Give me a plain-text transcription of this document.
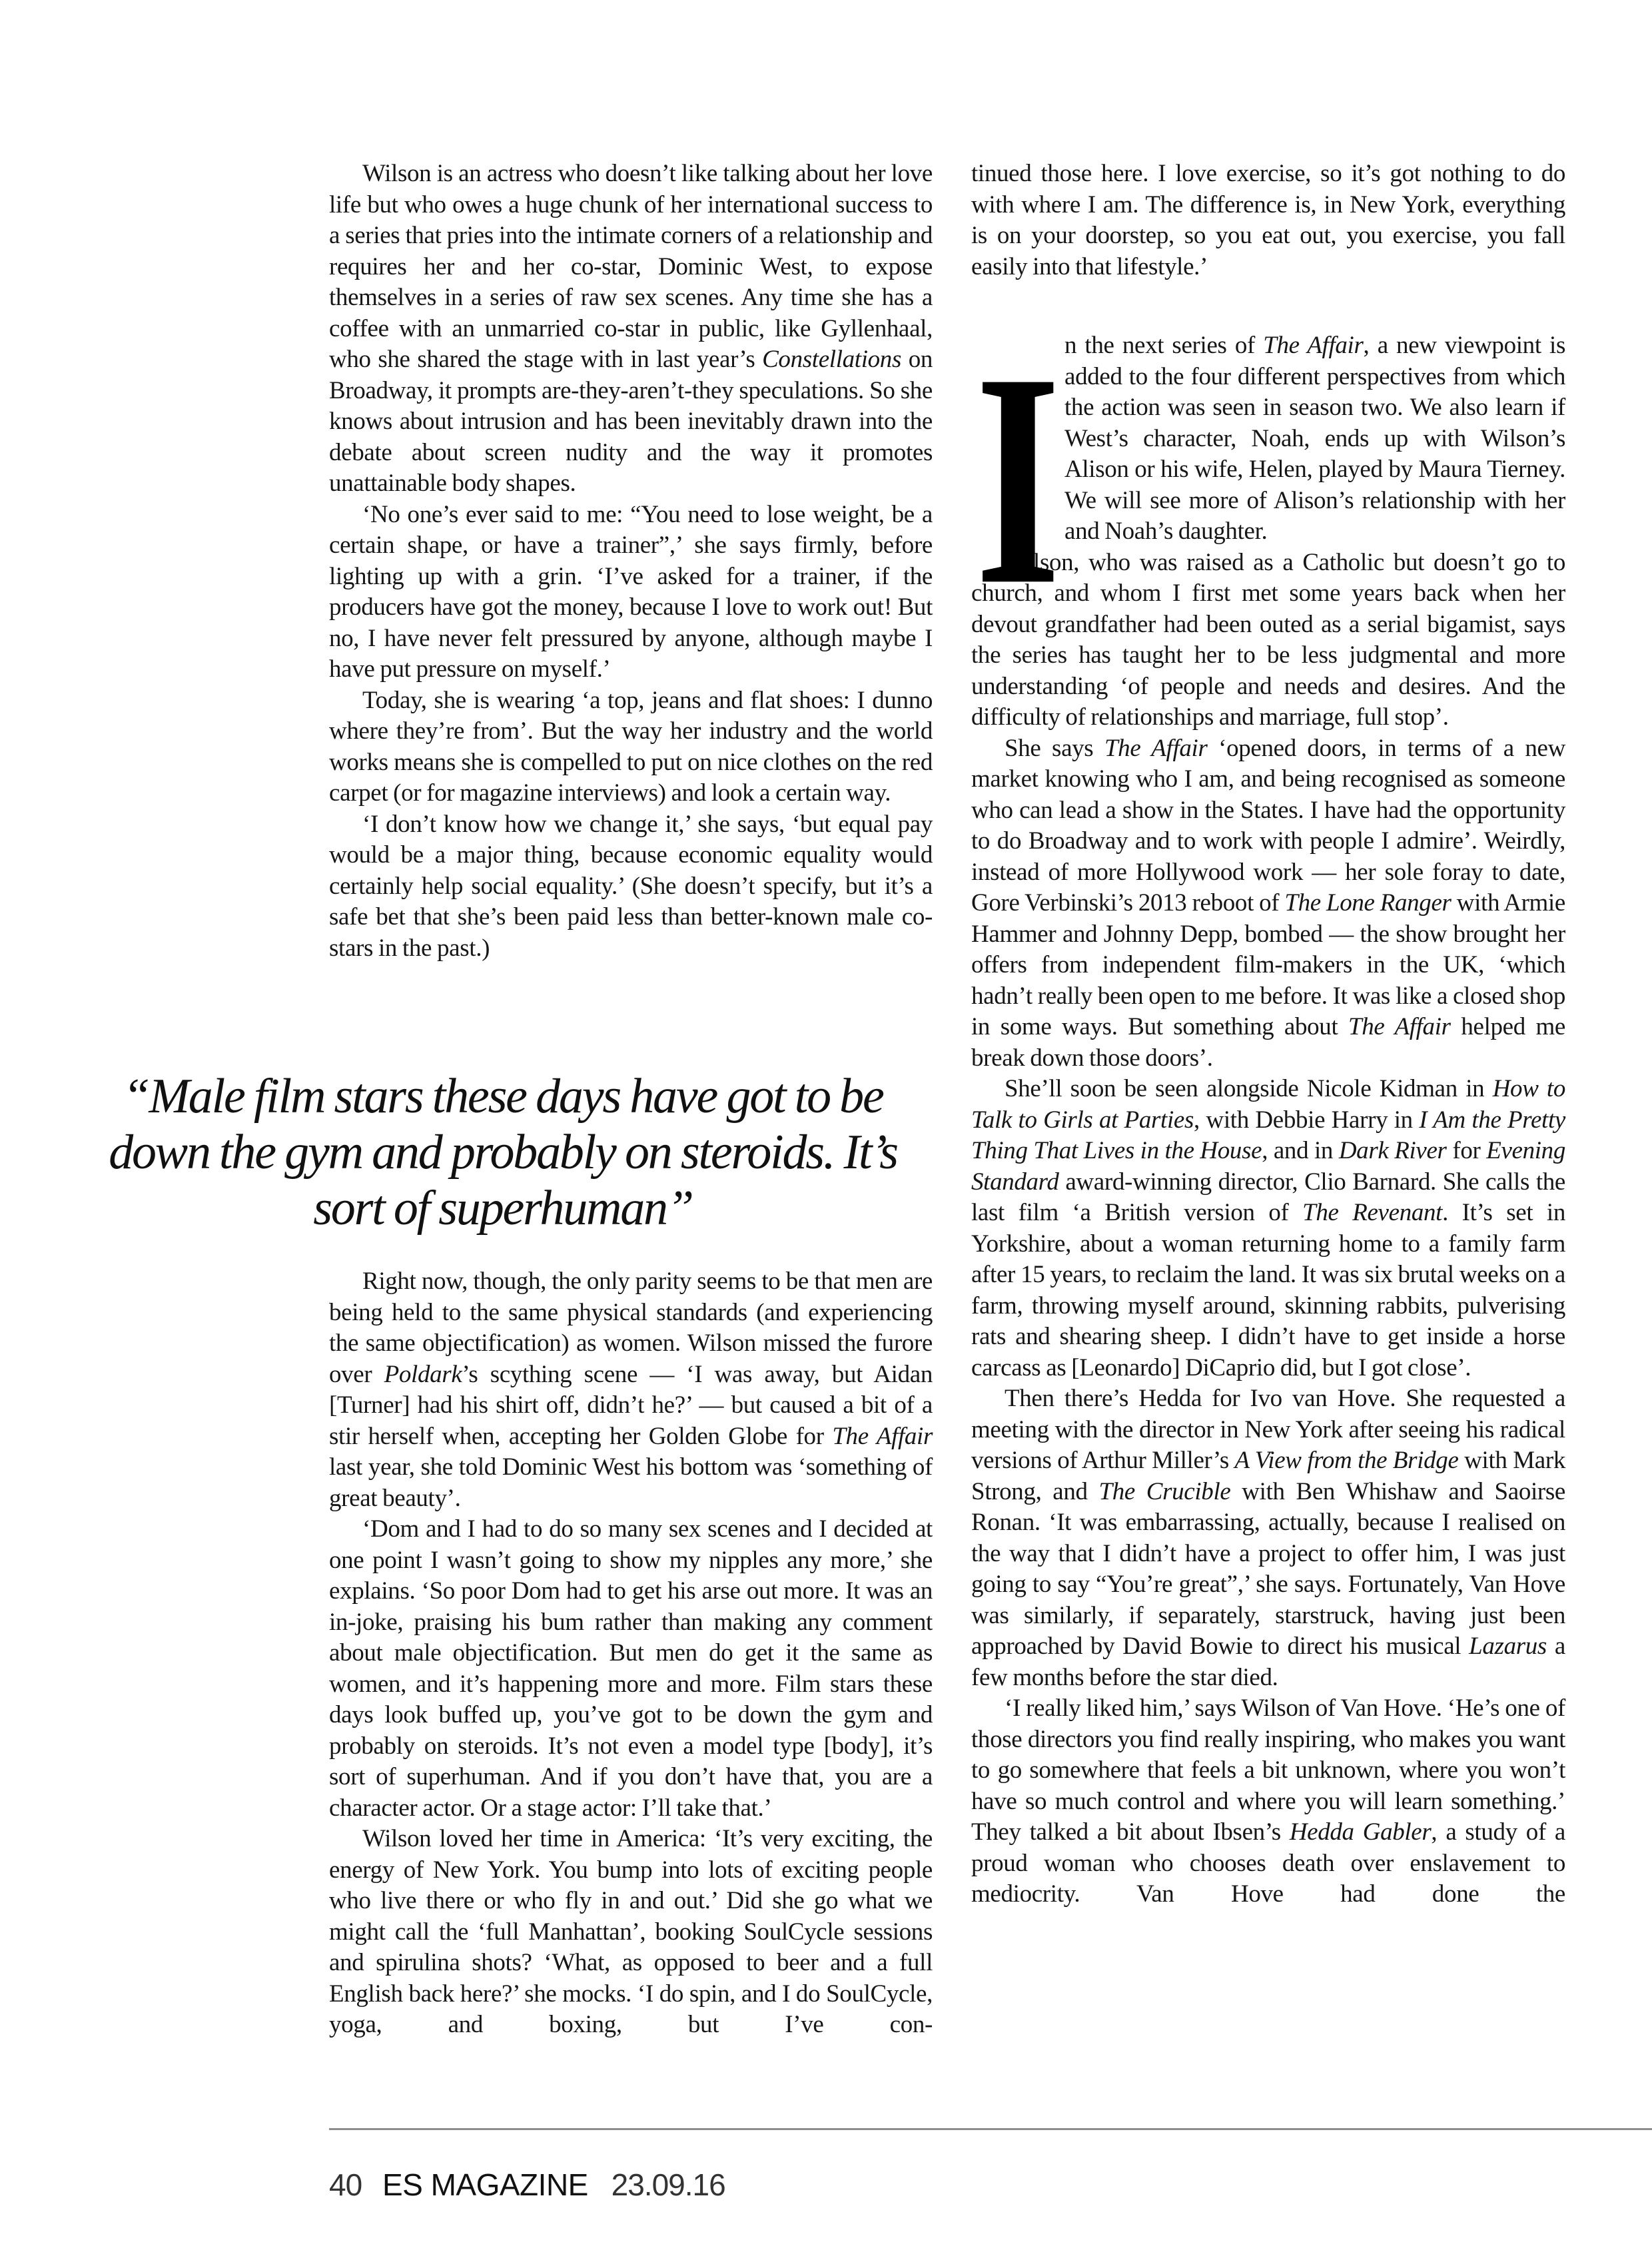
Wilson is an actress who doesn’t like talking about her love life but who owes a huge chunk of her international success to a series that pries into the intimate corners of a relationship and requires her and her co-star, Dominic West, to expose themselves in a series of raw sex scenes. Any time she has a coffee with an unmarried co-star in public, like Gyllenhaal, who she shared the stage with in last year’s Constellations on Broadway, it prompts are-they-aren’t-they speculations. So she knows about intrusion and has been inevitably drawn into the debate about screen nudity and the way it promotes unattainable body shapes.

‘No one’s ever said to me: “You need to lose weight, be a certain shape, or have a trainer”,’ she says firmly, before lighting up with a grin. ‘I’ve asked for a trainer, if the producers have got the money, because I love to work out! But no, I have never felt pressured by anyone, although maybe I have put pressure on myself.’

Today, she is wearing ‘a top, jeans and flat shoes: I dunno where they’re from’. But the way her industry and the world works means she is compelled to put on nice clothes on the red carpet (or for magazine interviews) and look a certain way.

‘I don’t know how we change it,’ she says, ‘but equal pay would be a major thing, because economic equality would certainly help social equality.’ (She doesn’t specify, but it’s a safe bet that she’s been paid less than better-known male co-stars in the past.)

“Male film stars these days have got to be down the gym and probably on steroids. It’s sort of superhuman”

Right now, though, the only parity seems to be that men are being held to the same physical standards (and experiencing the same objectification) as women. Wilson missed the furore over Poldark’s scything scene — ‘I was away, but Aidan [Turner] had his shirt off, didn’t he?’ — but caused a bit of a stir herself when, accepting her Golden Globe for The Affair last year, she told Dominic West his bottom was ‘something of great beauty’.

‘Dom and I had to do so many sex scenes and I decided at one point I wasn’t going to show my nipples any more,’ she explains. ‘So poor Dom had to get his arse out more. It was an in-joke, praising his bum rather than making any comment about male objectification. But men do get it the same as women, and it’s happening more and more. Film stars these days look buffed up, you’ve got to be down the gym and probably on steroids. It’s not even a model type [body], it’s sort of superhuman. And if you don’t have that, you are a character actor. Or a stage actor: I’ll take that.’

Wilson loved her time in America: ‘It’s very exciting, the energy of New York. You bump into lots of exciting people who live there or who fly in and out.’ Did she go what we might call the ‘full Manhattan’, booking SoulCycle sessions and spirulina shots? ‘What, as opposed to beer and a full English back here?’ she mocks. ‘I do spin, and I do SoulCycle, yoga, and boxing, but I’ve con-

tinued those here. I love exercise, so it’s got nothing to do with where I am. The difference is, in New York, everything is on your doorstep, so you eat out, you exercise, you fall easily into that lifestyle.’

I n the next series of The Affair, a new viewpoint is added to the four different perspectives from which the action was seen in season two. We also learn if West’s character, Noah, ends up with Wilson’s Alison or his wife, Helen, played by Maura Tierney. We will see more of Alison’s relationship with her and Noah’s daughter.

Wilson, who was raised as a Catholic but doesn’t go to church, and whom I first met some years back when her devout grandfather had been outed as a serial bigamist, says the series has taught her to be less judgmental and more understanding ‘of people and needs and desires. And the difficulty of relationships and marriage, full stop’.

She says The Affair ‘opened doors, in terms of a new market knowing who I am, and being recognised as someone who can lead a show in the States. I have had the opportunity to do Broadway and to work with people I admire’. Weirdly, instead of more Hollywood work — her sole foray to date, Gore Verbinski’s 2013 reboot of The Lone Ranger with Armie Hammer and Johnny Depp, bombed — the show brought her offers from independent film-makers in the UK, ‘which hadn’t really been open to me before. It was like a closed shop in some ways. But something about The Affair helped me break down those doors’.

She’ll soon be seen alongside Nicole Kidman in How to Talk to Girls at Parties, with Debbie Harry in I Am the Pretty Thing That Lives in the House, and in Dark River for Evening Standard award-winning director, Clio Barnard. She calls the last film ‘a British version of The Revenant. It’s set in Yorkshire, about a woman returning home to a family farm after 15 years, to reclaim the land. It was six brutal weeks on a farm, throwing myself around, skinning rabbits, pulverising rats and shearing sheep. I didn’t have to get inside a horse carcass as [Leonardo] DiCaprio did, but I got close’.

Then there’s Hedda for Ivo van Hove. She requested a meeting with the director in New York after seeing his radical versions of Arthur Miller’s A View from the Bridge with Mark Strong, and The Crucible with Ben Whishaw and Saoirse Ronan. ‘It was embarrassing, actually, because I realised on the way that I didn’t have a project to offer him, I was just going to say “You’re great”,’ she says. Fortunately, Van Hove was similarly, if separately, starstruck, having just been approached by David Bowie to direct his musical Lazarus a few months before the star died.

‘I really liked him,’ says Wilson of Van Hove. ‘He’s one of those directors you find really inspiring, who makes you want to go somewhere that feels a bit unknown, where you won’t have so much control and where you will learn something.’ They talked a bit about Ibsen’s Hedda Gabler, a study of a proud woman who chooses death over enslavement to mediocrity. Van Hove had done the

40 ES MAGAZINE 23.09.16
